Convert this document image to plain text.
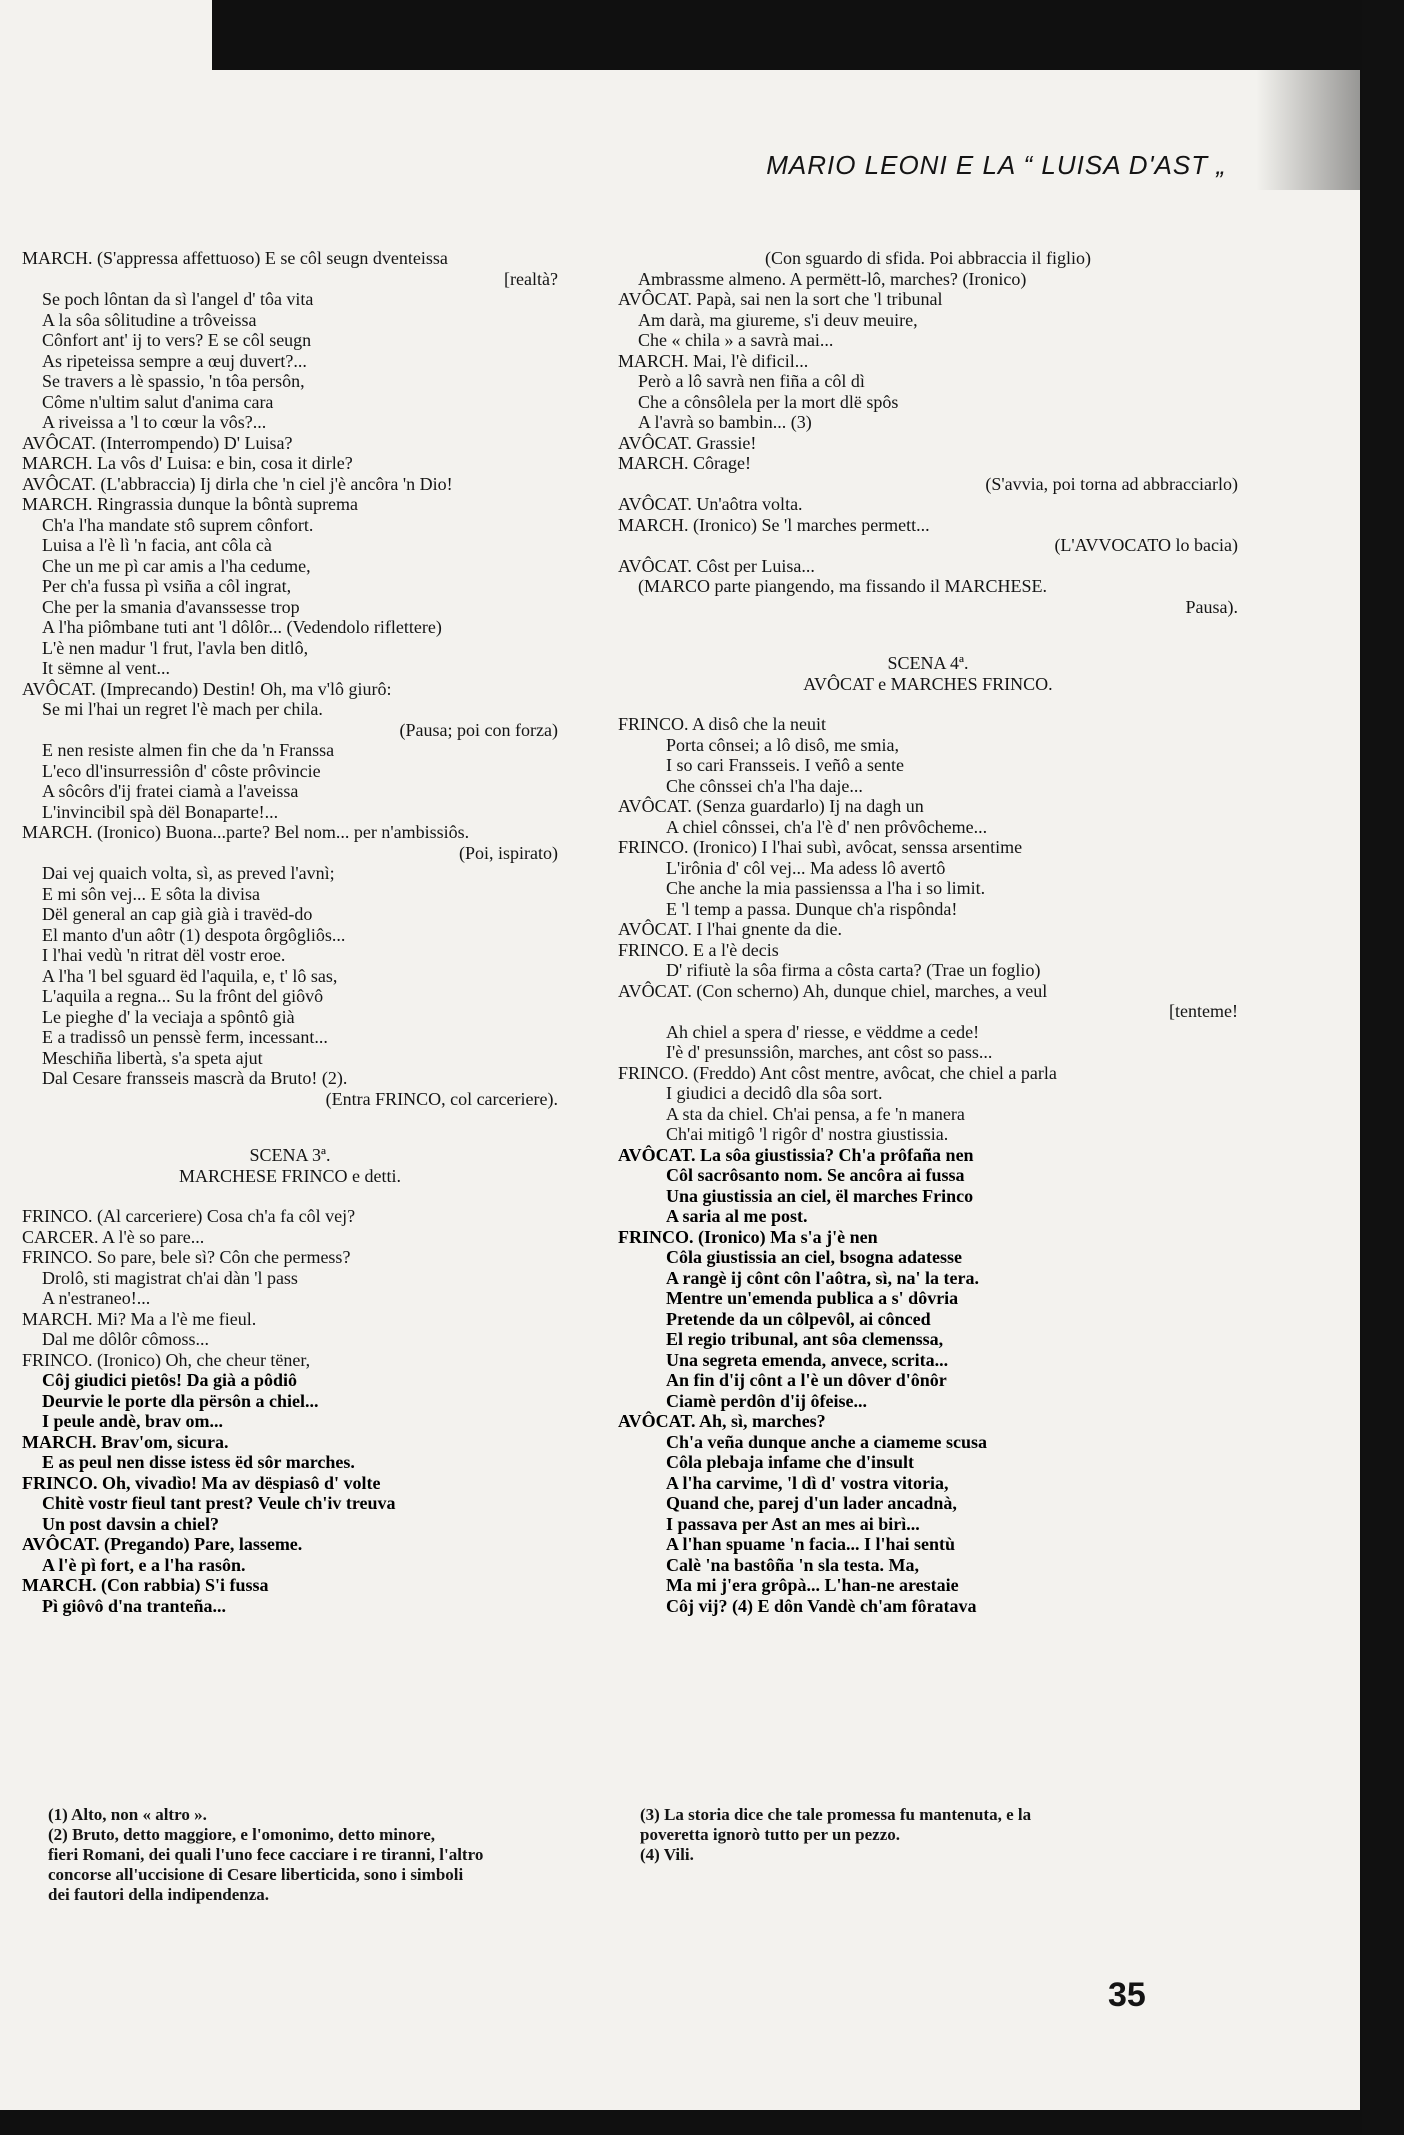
MARIO LEONI E LA “ LUISA D'AST „
MARCH. (S'appressa affettuoso) E se côl seugn dventeissa
[realtà?
Se poch lôntan da sì l'angel d' tôa vita
A la sôa sôlitudine a trôveissa
Cônfort ant' ij to vers? E se côl seugn
As ripeteissa sempre a œuj duvert?...
Se travers a lè spassio, 'n tôa persôn,
Côme n'ultim salut d'anima cara
A riveissa a 'l to cœur la vôs?...
AVÔCAT. (Interrompendo) D' Luisa?
MARCH. La vôs d' Luisa: e bin, cosa it dirle?
AVÔCAT. (L'abbraccia) Ij dirla che 'n ciel j'è ancôra 'n Dio!
MARCH. Ringrassia dunque la bôntà suprema
Ch'a l'ha mandate stô suprem cônfort.
Luisa a l'è lì 'n facia, ant côla cà
Che un me pì car amis a l'ha cedume,
Per ch'a fussa pì vsiña a côl ingrat,
Che per la smania d'avanssesse trop
A l'ha piômbane tuti ant 'l dôlôr... (Vedendolo riflettere)
L'è nen madur 'l frut, l'avla ben ditlô,
It sëmne al vent...
AVÔCAT. (Imprecando) Destin! Oh, ma v'lô giurô:
Se mi l'hai un regret l'è mach per chila.
(Pausa; poi con forza)
E nen resiste almen fin che da 'n Franssa
L'eco dl'insurressiôn d' côste prôvincie
A sôcôrs d'ij fratei ciamà a l'aveissa
L'invincibil spà dël Bonaparte!...
MARCH. (Ironico) Buona...parte? Bel nom... per n'ambissiôs.
(Poi, ispirato)
Dai vej quaich volta, sì, as preved l'avnì;
E mi sôn vej... E sôta la divisa
Dël general an cap già già i travëd-do
El manto d'un aôtr (1) despota ôrgôgliôs...
I l'hai vedù 'n ritrat dël vostr eroe.
A l'ha 'l bel sguard ëd l'aquila, e, t' lô sas,
L'aquila a regna... Su la frônt del giôvô
Le pieghe d' la veciaja a spôntô già
E a tradissô un penssè ferm, incessant...
Meschiña libertà, s'a speta ajut
Dal Cesare fransseis mascrà da Bruto! (2).
(Entra FRINCO, col carceriere).
SCENA 3ª.
MARCHESE FRINCO e detti.
FRINCO. (Al carceriere) Cosa ch'a fa côl vej?
CARCER. A l'è so pare...
FRINCO. So pare, bele sì? Côn che permess?
Drolô, sti magistrat ch'ai dàn 'l pass
A n'estraneo!...
MARCH. Mi? Ma a l'è me fieul.
Dal me dôlôr cômoss...
FRINCO. (Ironico) Oh, che cheur tëner,
Côj giudici pietôs! Da già a pôdiô
Deurvie le porte dla përsôn a chiel...
I peule andè, brav om...
MARCH. Brav'om, sicura.
E as peul nen disse istess ëd sôr marches.
FRINCO. Oh, vivadìo! Ma av dëspiasô d' volte
Chitè vostr fieul tant prest? Veule ch'iv treuva
Un post davsin a chiel?
AVÔCAT. (Pregando) Pare, lasseme.
A l'è pì fort, e a l'ha rasôn.
MARCH. (Con rabbia) S'i fussa
Pì giôvô d'na tranteña...
(Con sguardo di sfida. Poi abbraccia il figlio)
Ambrassme almeno. A permëtt-lô, marches? (Ironico)
AVÔCAT. Papà, sai nen la sort che 'l tribunal
Am darà, ma giureme, s'i deuv meuire,
Che « chila » a savrà mai...
MARCH. Mai, l'è dificil...
Però a lô savrà nen fiña a côl dì
Che a cônsôlela per la mort dlë spôs
A l'avrà so bambin... (3)
AVÔCAT. Grassie!
MARCH. Côrage!
(S'avvia, poi torna ad abbracciarlo)
AVÔCAT. Un'aôtra volta.
MARCH. (Ironico) Se 'l marches permett...
(L'AVVOCATO lo bacia)
AVÔCAT. Côst per Luisa...
(MARCO parte piangendo, ma fissando il MARCHESE.
Pausa).
SCENA 4ª.
AVÔCAT e MARCHES FRINCO.
FRINCO. A disô che la neuit
Porta cônsei; a lô disô, me smia,
I so cari Fransseis. I veñô a sente
Che cônssei ch'a l'ha daje...
AVÔCAT. (Senza guardarlo) Ij na dagh un
A chiel cônssei, ch'a l'è d' nen prôvôcheme...
FRINCO. (Ironico) I l'hai subì, avôcat, senssa arsentime
L'irônia d' côl vej... Ma adess lô avertô
Che anche la mia passienssa a l'ha i so limit.
E 'l temp a passa. Dunque ch'a rispônda!
AVÔCAT. I l'hai gnente da die.
FRINCO. E a l'è decis
D' rifiutè la sôa firma a côsta carta? (Trae un foglio)
AVÔCAT. (Con scherno) Ah, dunque chiel, marches, a veul
[tenteme!
Ah chiel a spera d' riesse, e vëddme a cede!
I'è d' presunssiôn, marches, ant côst so pass...
FRINCO. (Freddo) Ant côst mentre, avôcat, che chiel a parla
I giudici a decidô dla sôa sort.
A sta da chiel. Ch'ai pensa, a fe 'n manera
Ch'ai mitigô 'l rigôr d' nostra giustissia.
AVÔCAT. La sôa giustissia? Ch'a prôfaña nen
Côl sacrôsanto nom. Se ancôra ai fussa
Una giustissia an ciel, ël marches Frinco
A saria al me post.
FRINCO. (Ironico) Ma s'a j'è nen
Côla giustissia an ciel, bsogna adatesse
A rangè ij cônt côn l'aôtra, sì, na' la tera.
Mentre un'emenda publica a s' dôvria
Pretende da un côlpevôl, ai cônced
El regio tribunal, ant sôa clemenssa,
Una segreta emenda, anvece, scrita...
An fin d'ij cônt a l'è un dôver d'ônôr
Ciamè perdôn d'ij ôfeise...
AVÔCAT. Ah, sì, marches?
Ch'a veña dunque anche a ciameme scusa
Côla plebaja infame che d'insult
A l'ha carvime, 'l dì d' vostra vitoria,
Quand che, parej d'un lader ancadnà,
I passava per Ast an mes ai birì...
A l'han spuame 'n facia... I l'hai sentù
Calè 'na bastôña 'n sla testa. Ma,
Ma mi j'era grôpà... L'han-ne arestaie
Côj vij? (4) E dôn Vandè ch'am fôratava
(1) Alto, non « altro ».
(2) Bruto, detto maggiore, e l'omonimo, detto minore,
fieri Romani, dei quali l'uno fece cacciare i re tiranni, l'altro
concorse all'uccisione di Cesare liberticida, sono i simboli
dei fautori della indipendenza.
(3) La storia dice che tale promessa fu mantenuta, e la
poveretta ignorò tutto per un pezzo.
(4) Vili.
35
